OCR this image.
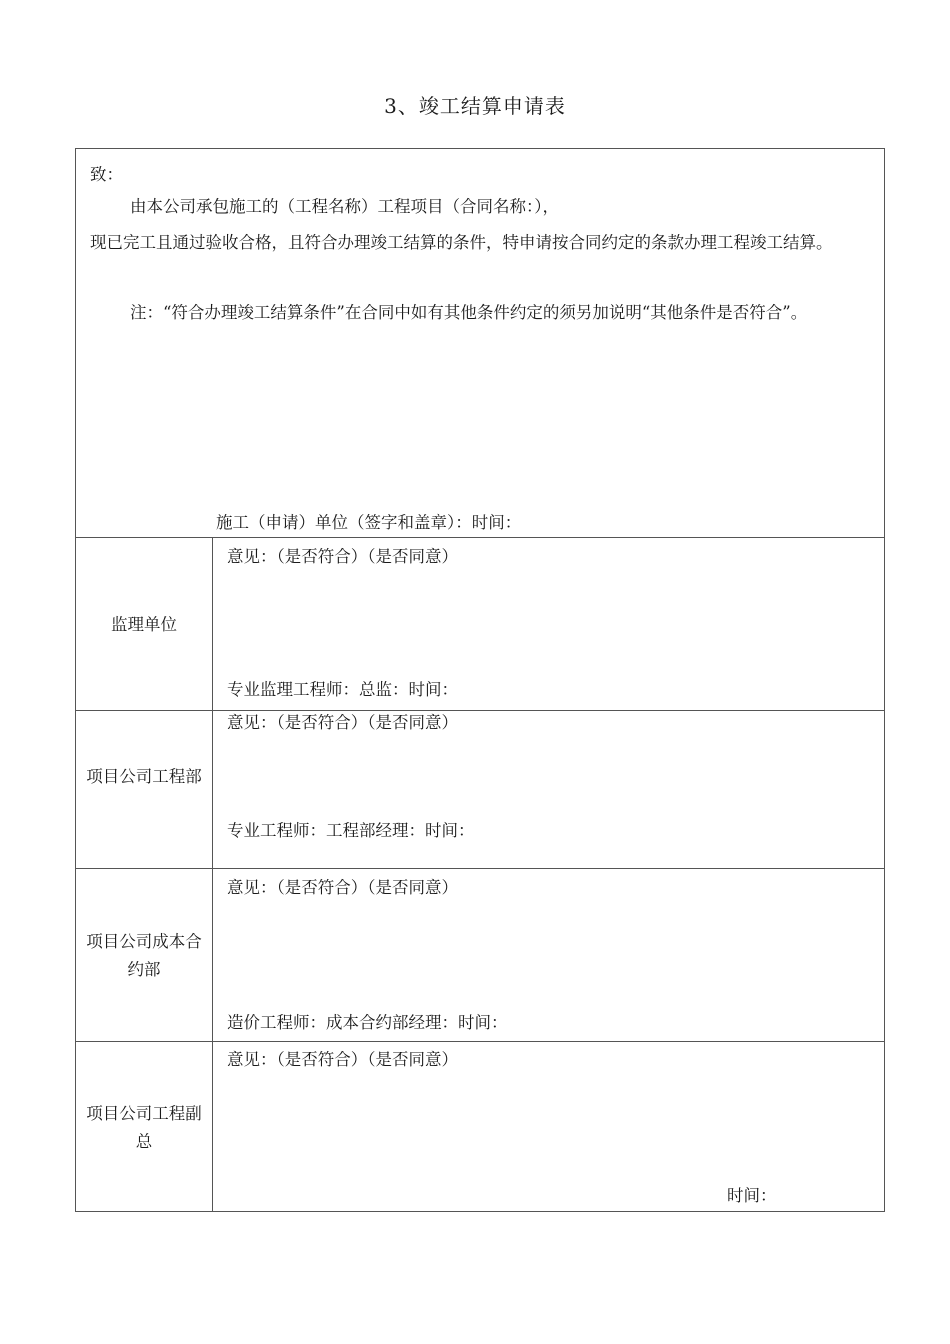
3、竣工结算申请表
致：
由本公司承包施工的（工程名称）工程项目（合同名称：），
现已完工且通过验收合格，且符合办理竣工结算的条件，特申请按合同约定的条款办理工程竣工结算。
注：“符合办理竣工结算条件”在合同中如有其他条件约定的须另加说明“其他条件是否符合”。
施工（申请）单位（签字和盖章）：时间：
监理单位
意见：（是否符合）（是否同意）
专业监理工程师：总监：时间：
项目公司工程部
意见：（是否符合）（是否同意）
专业工程师：工程部经理：时间：
项目公司成本合约部
意见：（是否符合）（是否同意）
造价工程师：成本合约部经理：时间：
项目公司工程副总
意见：（是否符合）（是否同意）
时间：
